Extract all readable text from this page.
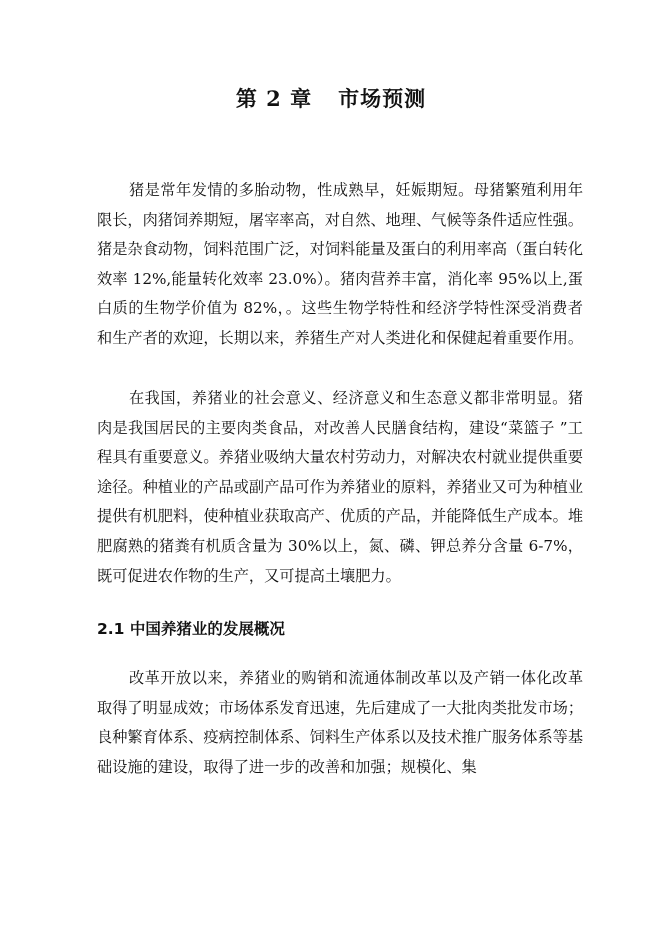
第 2 章 市场预测

猪是常年发情的多胎动物，性成熟早，妊娠期短。母猪繁殖利用年限长，肉猪饲养期短，屠宰率高，对自然、地理、气候等条件适应性强。猪是杂食动物，饲料范围广泛，对饲料能量及蛋白的利用率高（蛋白转化效率 12%,能量转化效率 23.0%）。猪肉营养丰富，消化率 95%以上,蛋白质的生物学价值为 82%，。这些生物学特性和经济学特性深受消费者和生产者的欢迎，长期以来，养猪生产对人类进化和保健起着重要作用。

在我国，养猪业的社会意义、经济意义和生态意义都非常明显。猪肉是我国居民的主要肉类食品，对改善人民膳食结构，建设“菜篮子 ”工程具有重要意义。养猪业吸纳大量农村劳动力，对解决农村就业提供重要途径。种植业的产品或副产品可作为养猪业的原料，养猪业又可为种植业提供有机肥料，使种植业获取高产、优质的产品，并能降低生产成本。堆肥腐熟的猪粪有机质含量为 30%以上，氮、磷、钾总养分含量 6-7%，既可促进农作物的生产，又可提高土壤肥力。

2.1 中国养猪业的发展概况

改革开放以来，养猪业的购销和流通体制改革以及产销一体化改革取得了明显成效；市场体系发育迅速，先后建成了一大批肉类批发市场；良种繁育体系、疫病控制体系、饲料生产体系以及技术推广服务体系等基础设施的建设，取得了进一步的改善和加强；规模化、集
